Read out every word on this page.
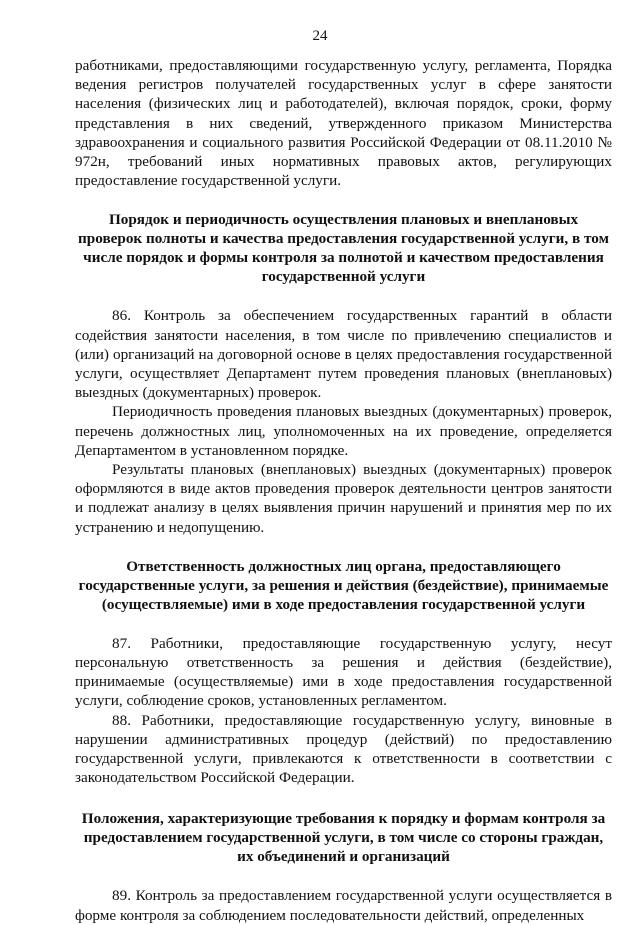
24

работниками, предоставляющими государственную услугу, регламента, Порядка ведения регистров получателей государственных услуг в сфере занятости населения (физических лиц и работодателей), включая порядок, сроки, форму представления в них сведений, утвержденного приказом Министерства здравоохранения и социального развития Российской Федерации от 08.11.2010 № 972н, требований иных нормативных правовых актов, регулирующих предоставление государственной услуги.

Порядок и периодичность осуществления плановых и внеплановых проверок полноты и качества предоставления государственной услуги, в том числе порядок и формы контроля за полнотой и качеством предоставления государственной услуги

86. Контроль за обеспечением государственных гарантий в области содействия занятости населения, в том числе по привлечению специалистов и (или) организаций на договорной основе в целях предоставления государственной услуги, осуществляет Департамент путем проведения плановых (внеплановых) выездных (документарных) проверок.

Периодичность проведения плановых выездных (документарных) проверок, перечень должностных лиц, уполномоченных на их проведение, определяется Департаментом в установленном порядке.

Результаты плановых (внеплановых) выездных (документарных) проверок оформляются в виде актов проведения проверок деятельности центров занятости и подлежат анализу в целях выявления причин нарушений и принятия мер по их устранению и недопущению.

Ответственность должностных лиц органа, предоставляющего государственные услуги, за решения и действия (бездействие), принимаемые (осуществляемые) ими в ходе предоставления государственной услуги

87. Работники, предоставляющие государственную услугу, несут персональную ответственность за решения и действия (бездействие), принимаемые (осуществляемые) ими в ходе предоставления государственной услуги, соблюдение сроков, установленных регламентом.

88. Работники, предоставляющие государственную услугу, виновные в нарушении административных процедур (действий) по предоставлению государственной услуги, привлекаются к ответственности в соответствии с законодательством Российской Федерации.

Положения, характеризующие требования к порядку и формам контроля за предоставлением государственной услуги, в том числе со стороны граждан, их объединений и организаций

89. Контроль за предоставлением государственной услуги осуществляется в форме контроля за соблюдением последовательности действий, определенных
